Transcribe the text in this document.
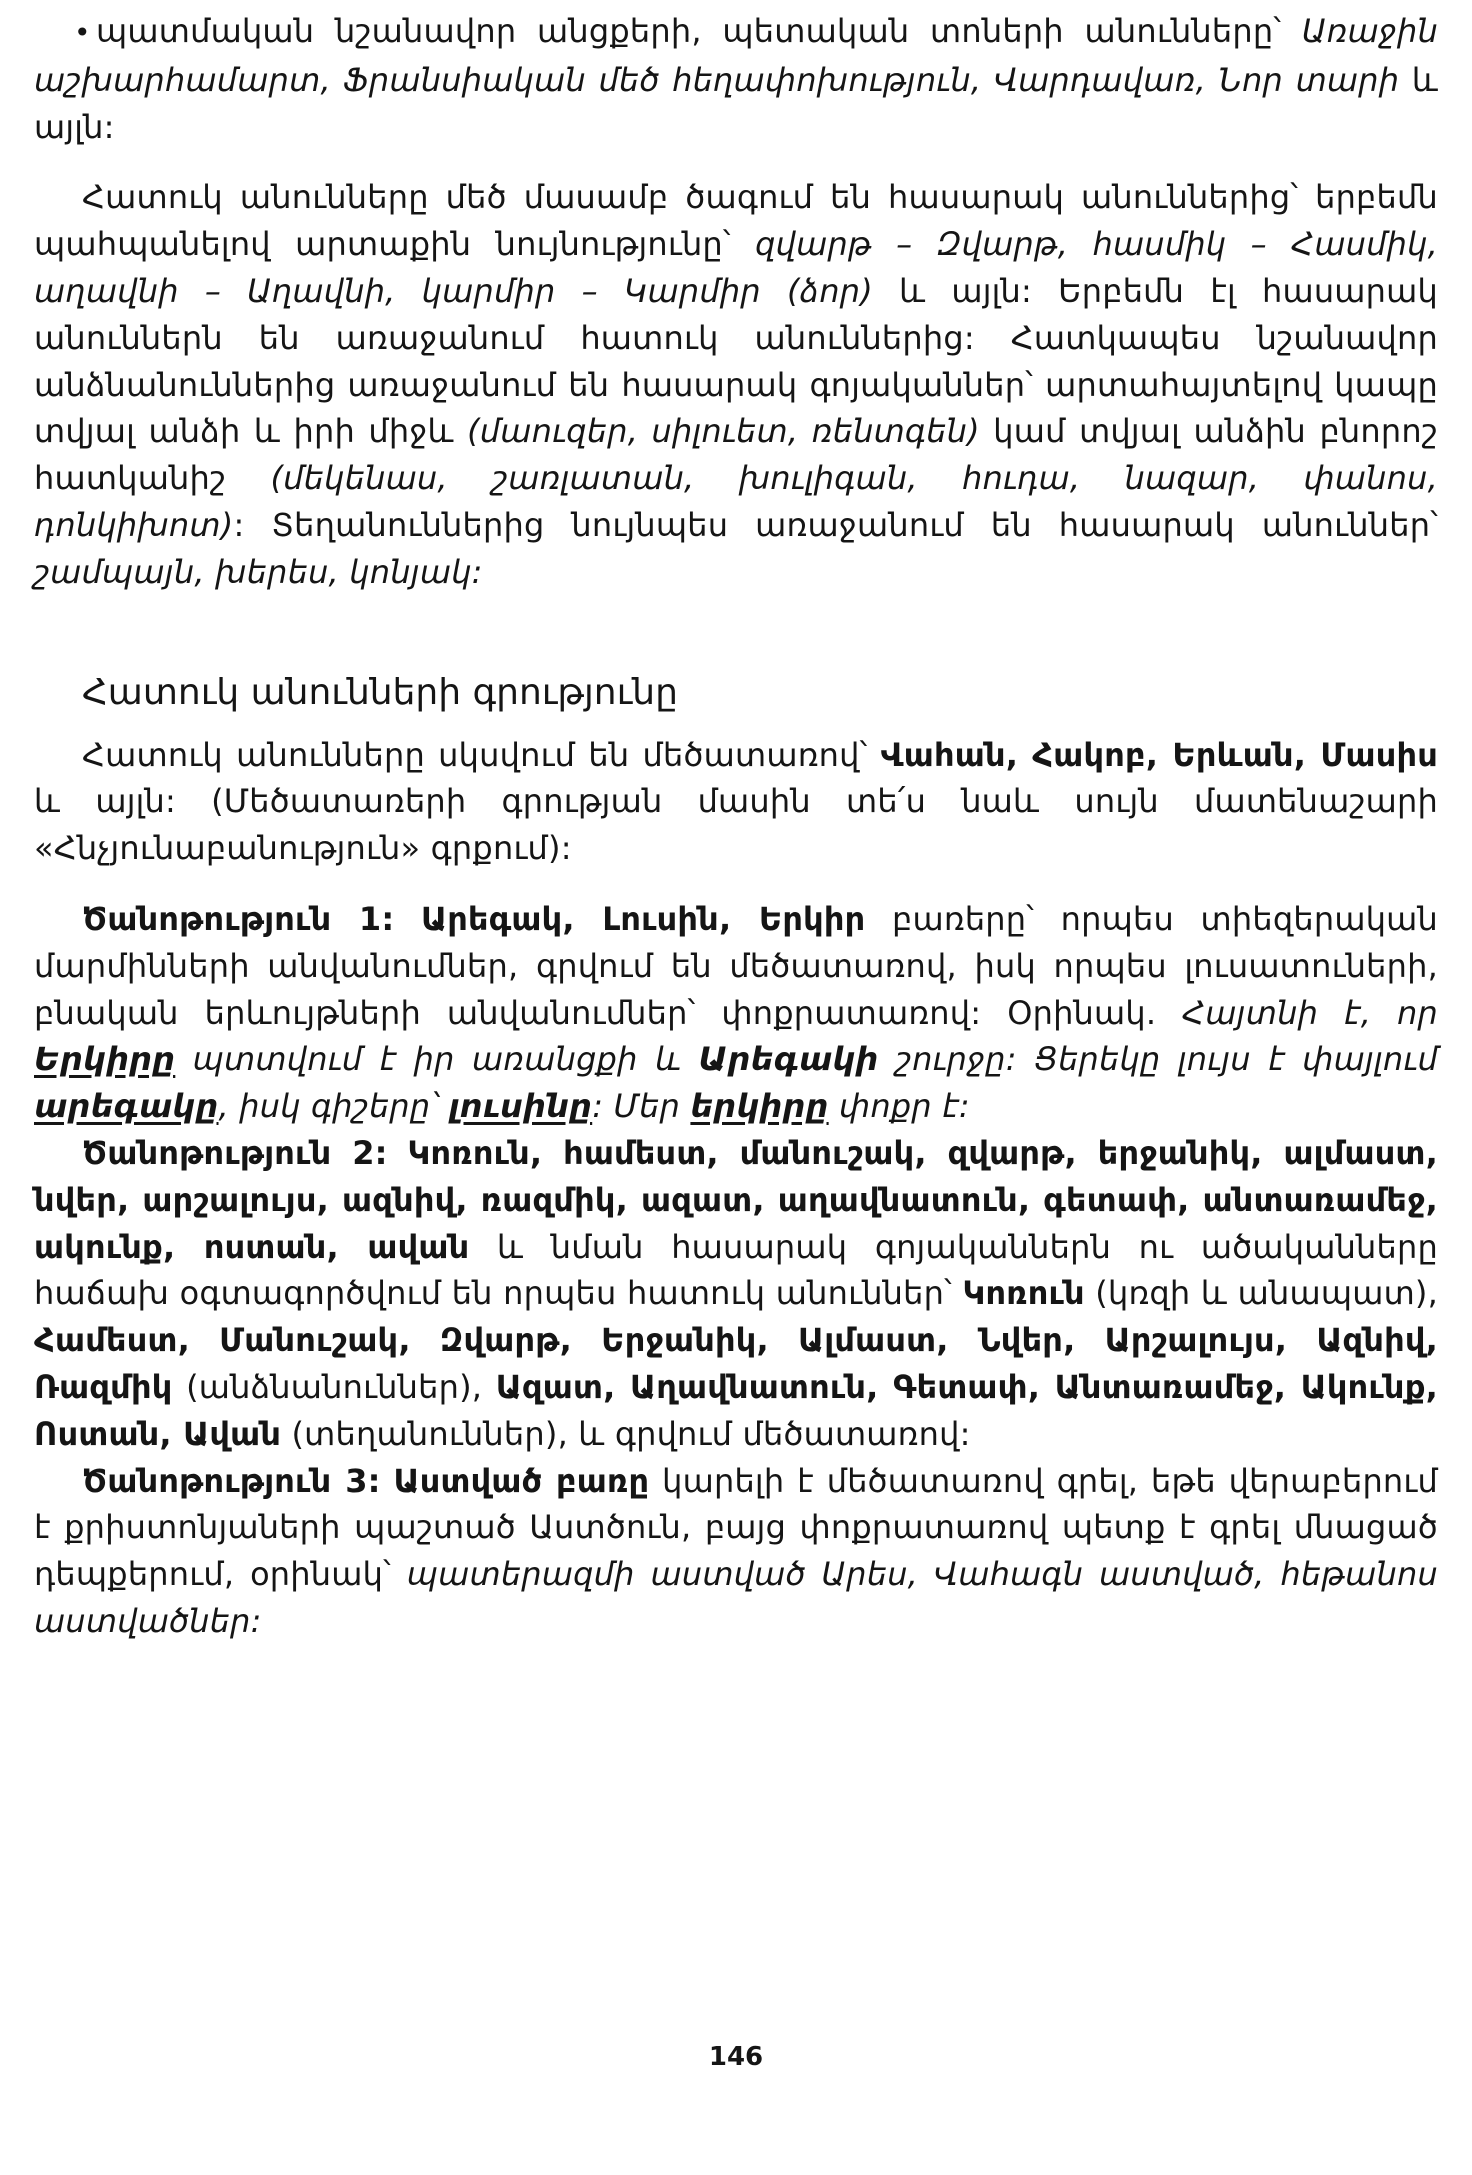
• պատմական նշանավոր անցքերի, պետական տոների անունները՝ Առաջին աշխարհամարտ, Ֆրանսիական մեծ հեղափոխություն, Վարդավառ, Նոր տարի և այլն:

Հատուկ անունները մեծ մասամբ ծագում են հասարակ անուններից՝ երբեմն պահպանելով արտաքին նույնությունը՝ զվարթ – Զվարթ, հասմիկ – Հասմիկ, աղավնի – Աղավնի, կարմիր – Կարմիր (ձոր) և այլն: Երբեմն էլ հասարակ անուններն են առաջանում հատուկ անուններից: Հատկապես նշանավոր անձնանուններից առաջանում են հասարակ գոյականներ՝ արտահայտելով կապը տվյալ անձի և իրի միջև (մաուզեր, սիլուետ, ռենտգեն) կամ տվյալ անձին բնորոշ հատկանիշ (մեկենաս, շառլատան, խուլիգան, հուդա, նազար, փանոս, դոնկիխոտ): Տեղանուններից նույնպես առաջանում են հասարակ անուններ՝ շամպայն, խերես, կոնյակ:

Հատուկ անունների գրությունը

Հատուկ անունները սկսվում են մեծատառով՝ Վահան, Հակոբ, Երևան, Մասիս և այլն: (Մեծատառերի գրության մասին տե՛ս նաև սույն մատենաշարի «Հնչյունաբանություն» գրքում):

Ծանոթություն 1: Արեգակ, Լուսին, Երկիր բառերը՝ որպես տիեզերական մարմինների անվանումներ, գրվում են մեծատառով, իսկ որպես լուսատուների, բնական երևույթների անվանումներ՝ փոքրատառով: Օրինակ. Հայտնի է, որ Երկիրը պտտվում է իր առանցքի և Արեգակի շուրջը: Ցերեկը լույս է փայլում արեգակը, իսկ գիշերը՝ լուսինը: Մեր երկիրը փոքր է:

Ծանոթություն 2: Կոռուն, համեստ, մանուշակ, զվարթ, երջանիկ, ալմաստ, նվեր, արշալույս, ազնիվ, ռազմիկ, ազատ, աղավնատուն, գետափ, անտառամեջ, ակունք, ոստան, ավան և նման հասարակ գոյականներն ու ածականները հաճախ օգտագործվում են որպես հատուկ անուններ՝ Կոռուն (կռզի և անապատ), Համեստ, Մանուշակ, Զվարթ, Երջանիկ, Ալմաստ, Նվեր, Արշալույս, Ազնիվ, Ռազմիկ (անձնանուններ), Ազատ, Աղավնատուն, Գետափ, Անտառամեջ, Ակունք, Ոստան, Ավան (տեղանուններ), և գրվում մեծատառով:

Ծանոթություն 3: Աստված բառը կարելի է մեծատառով գրել, եթե վերաբերում է քրիստոնյաների պաշտած Աստծուն, բայց փոքրատառով պետք է գրել մնացած դեպքերում, օրինակ՝ պատերազմի աստված Արես, Վահագն աստված, հեթանոս աստվածներ:

146
